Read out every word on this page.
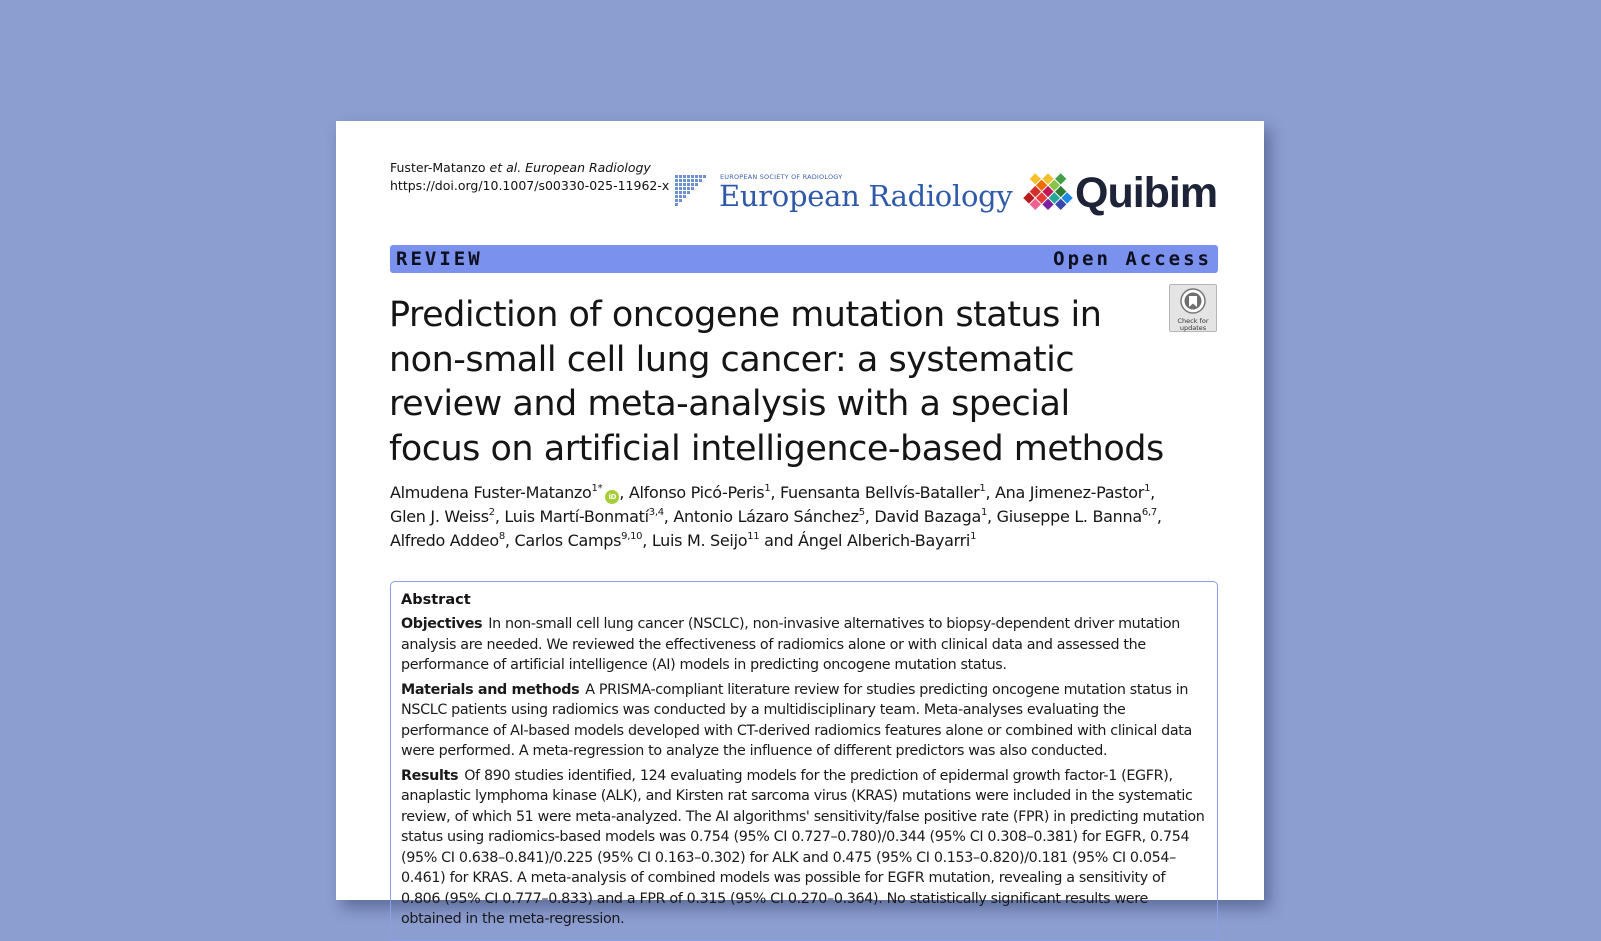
Fuster-Matanzo et al. European Radiology
https://doi.org/10.1007/s00330-025-11962-x
EUROPEAN SOCIETY OF RADIOLOGY
European Radiology Quibim
REVIEW	Open Access
Check for
updates
Prediction of oncogene mutation status in non-small cell lung cancer: a systematic review and meta-analysis with a special focus on artificial intelligence-based methods
Almudena Fuster-Matanzo$^{1*}$iD , Alfonso Picó-Peris$^1$, Fuensanta Bellvís-Bataller$^1$, Ana Jimenez-Pastor$^1$, Glen J. Weiss$^2$, Luis Martí-Bonmatí$^{3,4}$, Antonio Lázaro Sánchez$^5$, David Bazaga$^1$, Giuseppe L. Banna$^{6,7}$, Alfredo Addeo$^8$, Carlos Camps$^{9,10}$, Luis M. Seijo$^{11}$ and Ángel Alberich-Bayarri$^1$
Abstract

Objectives In non-small cell lung cancer (NSCLC), non-invasive alternatives to biopsy-dependent driver mutation analysis are needed. We reviewed the effectiveness of radiomics alone or with clinical data and assessed the performance of artificial intelligence (AI) models in predicting oncogene mutation status.

Materials and methods A PRISMA-compliant literature review for studies predicting oncogene mutation status in NSCLC patients using radiomics was conducted by a multidisciplinary team. Meta-analyses evaluating the performance of AI-based models developed with CT-derived radiomics features alone or combined with clinical data were performed. A meta-regression to analyze the influence of different predictors was also conducted.

Results Of 890 studies identified, 124 evaluating models for the prediction of epidermal growth factor-1 (EGFR), anaplastic lymphoma kinase (ALK), and Kirsten rat sarcoma virus (KRAS) mutations were included in the systematic review, of which 51 were meta-analyzed. The AI algorithms' sensitivity/false positive rate (FPR) in predicting mutation status using radiomics-based models was 0.754 (95% CI 0.727–0.780)/0.344 (95% CI 0.308–0.381) for EGFR, 0.754 (95% CI 0.638–0.841)/0.225 (95% CI 0.163–0.302) for ALK and 0.475 (95% CI 0.153–0.820)/0.181 (95% CI 0.054–0.461) for KRAS. A meta-analysis of combined models was possible for EGFR mutation, revealing a sensitivity of 0.806 (95% CI 0.777–0.833) and a FPR of 0.315 (95% CI 0.270–0.364). No statistically significant results were obtained in the meta-regression.
